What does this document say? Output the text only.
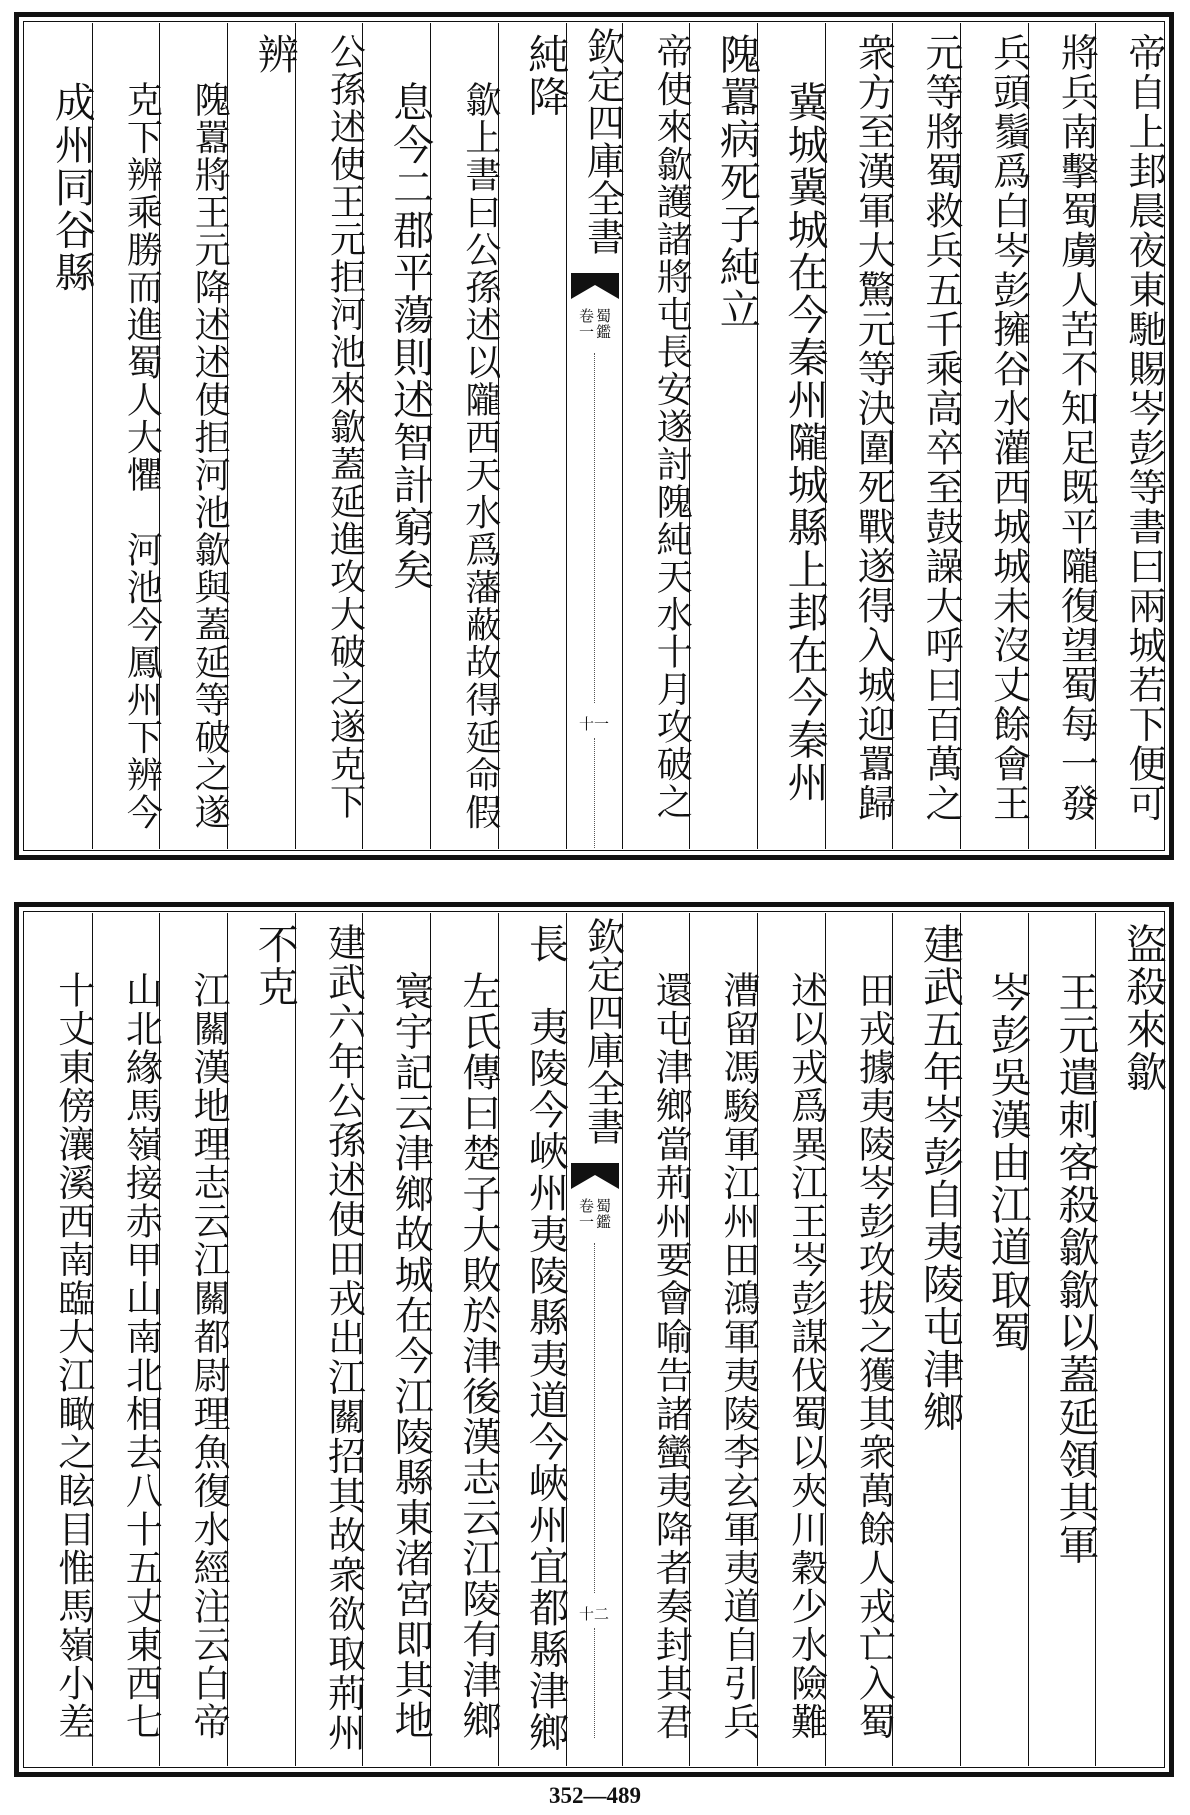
帝自上邽晨夜東馳賜岑彭等書曰兩城若下便可
將兵南擊蜀虜人苦不知足既平隴復望蜀每一發
兵頭鬚爲白岑彭擁谷水灌西城城未沒丈餘會王
元等將蜀救兵五千乘高卒至鼓譟大呼曰百萬之
衆方至漢軍大驚元等決圍死戰遂得入城迎囂歸
冀城冀城在今秦州隴城縣上邽在今秦州
隗囂病死子純立
帝使來歙護諸將屯長安遂討隗純天水十月攻破之
欽定四庫全書
蜀鑑
卷一
十一
純降
歙上書曰公孫述以隴西天水爲藩蔽故得延命假
息今二郡平蕩則述智計窮矣
公孫述使王元拒河池來歙蓋延進攻大破之遂克下
辨
隗囂將王元降述述使拒河池歙與蓋延等破之遂
克下辨乘勝而進蜀人大懼　河池今鳳州下辨今
成州同谷縣
盜殺來歙
王元遣刺客殺歙歙以蓋延領其軍
岑彭吳漢由江道取蜀
建武五年岑彭自夷陵屯津鄉
田戎據夷陵岑彭攻拔之獲其衆萬餘人戎亡入蜀
述以戎爲異江王岑彭謀伐蜀以夾川穀少水險難
漕留馮駿軍江州田鴻軍夷陵李玄軍夷道自引兵
還屯津鄉當荊州要會喻告諸蠻夷降者奏封其君
欽定四庫全書
蜀鑑
卷一
十二
長　夷陵今峽州夷陵縣夷道今峽州宜都縣津鄉
左氏傳曰楚子大敗於津後漢志云江陵有津鄉
寰宇記云津鄉故城在今江陵縣東渚宮即其地
建武六年公孫述使田戎出江關招其故衆欲取荊州
不克
江關漢地理志云江關都尉理魚復水經注云白帝
山北緣馬嶺接赤甲山南北相去八十五丈東西七
十丈東傍瀼溪西南臨大江瞰之眩目惟馬嶺小差
352—489
